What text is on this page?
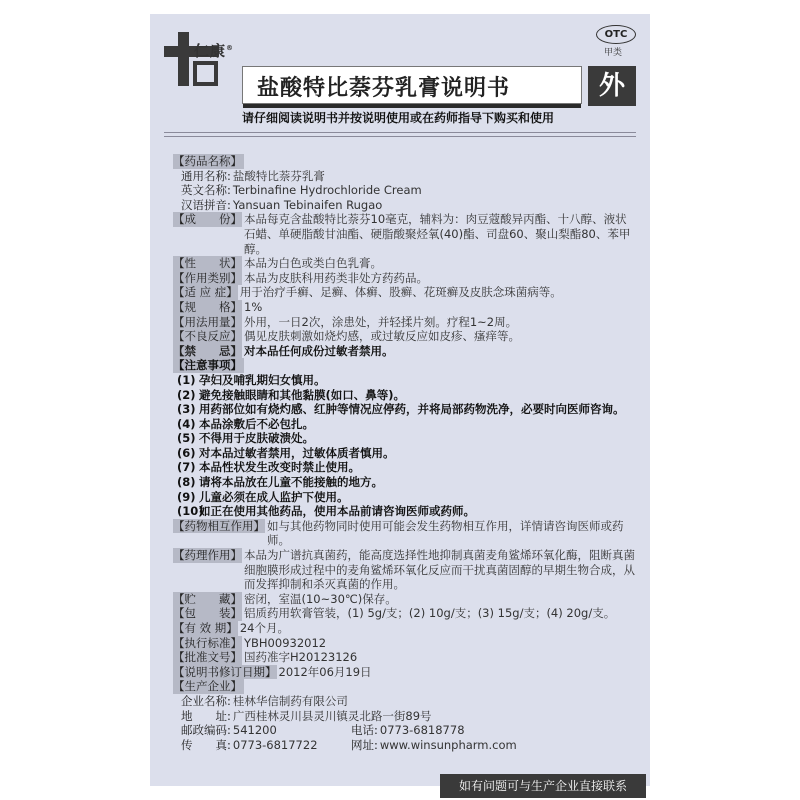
仁康®
OTC
甲类
盐酸特比萘芬乳膏说明书	外
请仔细阅读说明书并按说明使用或在药师指导下购买和使用
【药品名称】
通用名称: 盐酸特比萘芬乳膏
英文名称: Terbinafine Hydrochloride Cream
汉语拼音: Yansuan Tebinaifen Rugao
【成　　份】 本品每克含盐酸特比萘芬10毫克，辅料为：肉豆蔻酸异丙酯、十八醇、液状石蜡、单硬脂酸甘油酯、硬脂酸聚烃氧(40)酯、司盘60、聚山梨酯80、苯甲醇。
【性　　状】 本品为白色或类白色乳膏。
【作用类别】 本品为皮肤科用药类非处方药药品。
【适 应 症】 用于治疗手癣、足癣、体癣、股癣、花斑癣及皮肤念珠菌病等。
【规　　格】 1%
【用法用量】 外用，一日2次，涂患处，并轻揉片刻。疗程1~2周。
【不良反应】 偶见皮肤刺激如烧灼感，或过敏反应如皮疹、瘙痒等。
【禁　　忌】 对本品任何成份过敏者禁用。
【注意事项】
(1) 孕妇及哺乳期妇女慎用。
(2) 避免接触眼睛和其他黏膜(如口、鼻等)。
(3) 用药部位如有烧灼感、红肿等情况应停药，并将局部药物洗净，必要时向医师咨询。
(4) 本品涂敷后不必包扎。
(5) 不得用于皮肤破溃处。
(6) 对本品过敏者禁用，过敏体质者慎用。
(7) 本品性状发生改变时禁止使用。
(8) 请将本品放在儿童不能接触的地方。
(9) 儿童必须在成人监护下使用。
(10)
如正在使用其他药品，使用本品前请咨询医师或药师。
【药物相互作用】 如与其他药物同时使用可能会发生药物相互作用，详情请咨询医师或药师。
【药理作用】 本品为广谱抗真菌药，能高度选择性地抑制真菌麦角鲨烯环氧化酶，阻断真菌细胞膜形成过程中的麦角鲨烯环氧化反应而干扰真菌固醇的早期生物合成，从而发挥抑制和杀灭真菌的作用。
【贮　　藏】 密闭，室温(10~30℃)保存。
【包　　装】 铝质药用软膏管装，(1) 5g/支；(2) 10g/支；(3) 15g/支；(4) 20g/支。
【有 效 期】 24个月。
【执行标准】 YBH00932012
【批准文号】 国药准字H20123126
【说明书修订日期】 2012年06月19日
【生产企业】
企业名称: 桂林华信制药有限公司
地　　址: 广西桂林灵川县灵川镇灵北路一街89号
邮政编码: 541200	电话: 0773-6818778
传　　真: 0773-6817722	网址: www.winsunpharm.com
如有问题可与生产企业直接联系
